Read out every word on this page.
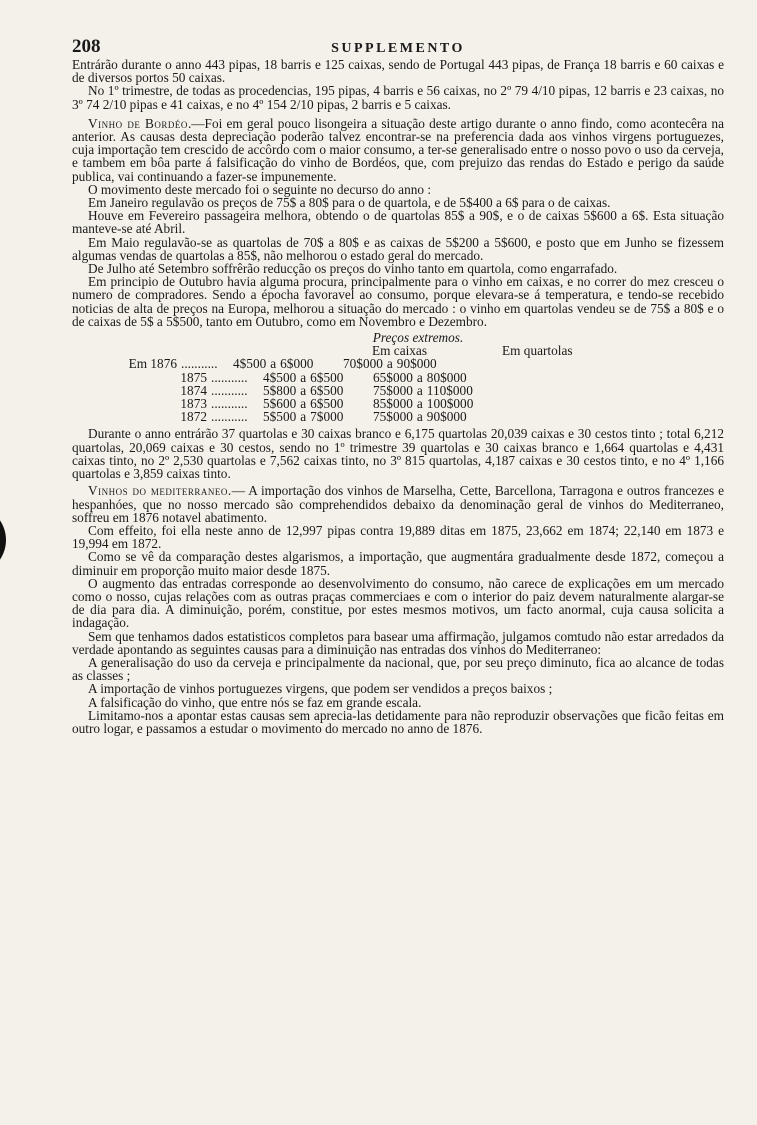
208	SUPPLEMENTO

Entrárão durante o anno 443 pipas, 18 barris e 125 caixas, sendo de Portugal 443 pipas, de França 18 barris e 60 caixas e de diversos portos 50 caixas.

No 1º trimestre, de todas as procedencias, 195 pipas, 4 barris e 56 caixas, no 2º 79 4/10 pipas, 12 barris e 23 caixas, no 3º 74 2/10 pipas e 41 caixas, e no 4º 154 2/10 pipas, 2 barris e 5 caixas.

Vinho de Bordéo.—Foi em geral pouco lisongeira a situação deste artigo durante o anno findo, como acontecêra na anterior. As causas desta depreciação poderão talvez encontrar-se na preferencia dada aos vinhos virgens portuguezes, cuja importação tem crescido de accôrdo com o maior consumo, a ter-se generalisado entre o nosso povo o uso da cerveja, e tambem em bôa parte á falsificação do vinho de Bordéos, que, com prejuizo das rendas do Estado e perigo da saúde publica, vai continuando a fazer-se impunemente.

O movimento deste mercado foi o seguinte no decurso do anno :

Em Janeiro regulavão os preços de 75$ a 80$ para o de quartola, e de 5$400 a 6$ para o de caixas.

Houve em Fevereiro passageira melhora, obtendo o de quartolas 85$ a 90$, e o de caixas 5$600 a 6$. Esta situação manteve-se até Abril.

Em Maio regulavão-se as quartolas de 70$ a 80$ e as caixas de 5$200 a 5$600, e posto que em Junho se fizessem algumas vendas de quartolas a 85$, não melhorou o estado geral do mercado.

De Julho até Setembro soffrêrão reducção os preços do vinho tanto em quartola, como engarrafado.

Em principio de Outubro havia alguma procura, principalmente para o vinho em caixas, e no correr do mez cresceu o numero de compradores. Sendo a épocha favoravel ao consumo, porque elevara-se á temperatura, e tendo-se recebido noticias de alta de preços na Europa, melhorou a situação do mercado : o vinho em quartolas vendeu se de 75$ a 80$ e o de caixas de 5$ a 5$500, tanto em Outubro, como em Novembro e Dezembro.

Preços extremos.
Em caixas	Em quartolas
Em 1876 ...........	4$500 a 6$000	70$000 a 90$000
1875 ...........	4$500 a 6$500	65$000 a 80$000
1874 ...........	5$800 a 6$500	75$000 a 110$000
1873 ...........	5$600 a 6$500	85$000 a 100$000
1872 ...........	5$500 a 7$000	75$000 a 90$000

Durante o anno entrárão 37 quartolas e 30 caixas branco e 6,175 quartolas 20,039 caixas e 30 cestos tinto ; total 6,212 quartolas, 20,069 caixas e 30 cestos, sendo no 1º trimestre 39 quartolas e 30 caixas branco e 1,664 quartolas e 4,431 caixas tinto, no 2º 2,530 quartolas e 7,562 caixas tinto, no 3º 815 quartolas, 4,187 caixas e 30 cestos tinto, e no 4º 1,166 quartolas e 3,859 caixas tinto.

Vinhos do mediterraneo.— A importação dos vinhos de Marselha, Cette, Barcellona, Tarragona e outros francezes e hespanhóes, que no nosso mercado são comprehendidos debaixo da denominação geral de vinhos do Mediterraneo, soffreu em 1876 notavel abatimento.

Com effeito, foi ella neste anno de 12,997 pipas contra 19,889 ditas em 1875, 23,662 em 1874; 22,140 em 1873 e 19,994 em 1872.

Como se vê da comparação destes algarismos, a importação, que augmentára gradualmente desde 1872, começou a diminuir em proporção muito maior desde 1875.

O augmento das entradas corresponde ao desenvolvimento do consumo, não carece de explicações em um mercado como o nosso, cujas relações com as outras praças commerciaes e com o interior do paiz devem naturalmente alargar-se de dia para dia. A diminuição, porém, constitue, por estes mesmos motivos, um facto anormal, cuja causa solicita a indagação.

Sem que tenhamos dados estatisticos completos para basear uma affirmação, julgamos comtudo não estar arredados da verdade apontando as seguintes causas para a diminuição nas entradas dos vinhos do Mediterraneo:

A generalisação do uso da cerveja e principalmente da nacional, que, por seu preço diminuto, fica ao alcance de todas as classes ;

A importação de vinhos portuguezes virgens, que podem ser vendidos a preços baixos ;

A falsificação do vinho, que entre nós se faz em grande escala.

Limitamo-nos a apontar estas causas sem aprecia-las detidamente para não reproduzir observações que ficão feitas em outro logar, e passamos a estudar o movimento do mercado no anno de 1876.
